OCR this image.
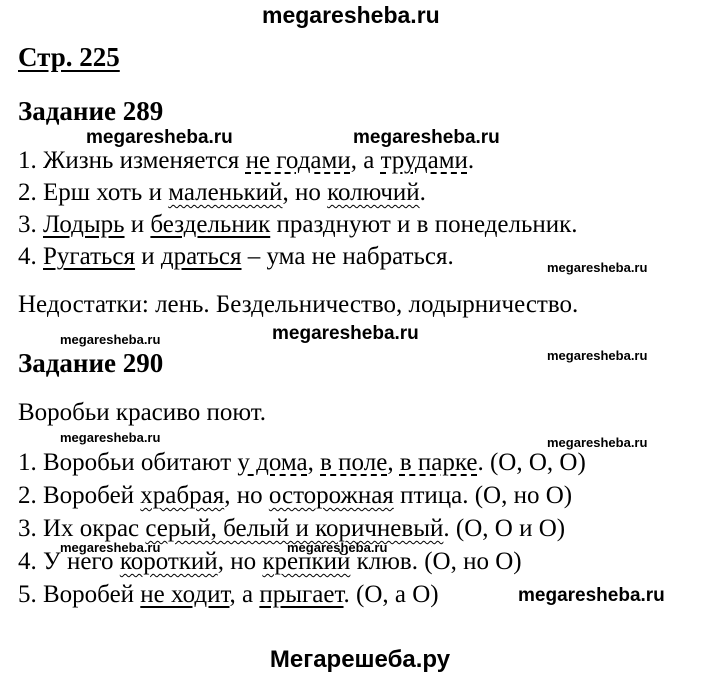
megaresheba.ru
megaresheba.ru	megaresheba.ru
megaresheba.ru
megaresheba.ru	megaresheba.ru
megaresheba.ru
megaresheba.ru	megaresheba.ru
megaresheba.ru	megaresheba.ru
megaresheba.ru
Стр. 225
Задание 289
1. Жизнь изменяется не годами, а трудами.
2. Ерш хоть и маленький, но колючий.
3. Лодырь и бездельник празднуют и в понедельник.
4. Ругаться и драться – ума не набраться.
Недостатки: лень. Бездельничество, лодырничество.
Задание 290
Воробьи красиво поют.
1. Воробьи обитают у дома, в поле, в парке. (О, О, О)
2. Воробей храбрая, но осторожная птица. (О, но О)
3. Их окрас серый, белый и коричневый. (О, О и О)
4. У него короткий, но крепкий клюв. (О, но О)
5. Воробей не ходит, а прыгает. (О, а О)
Мегарешеба.ру
